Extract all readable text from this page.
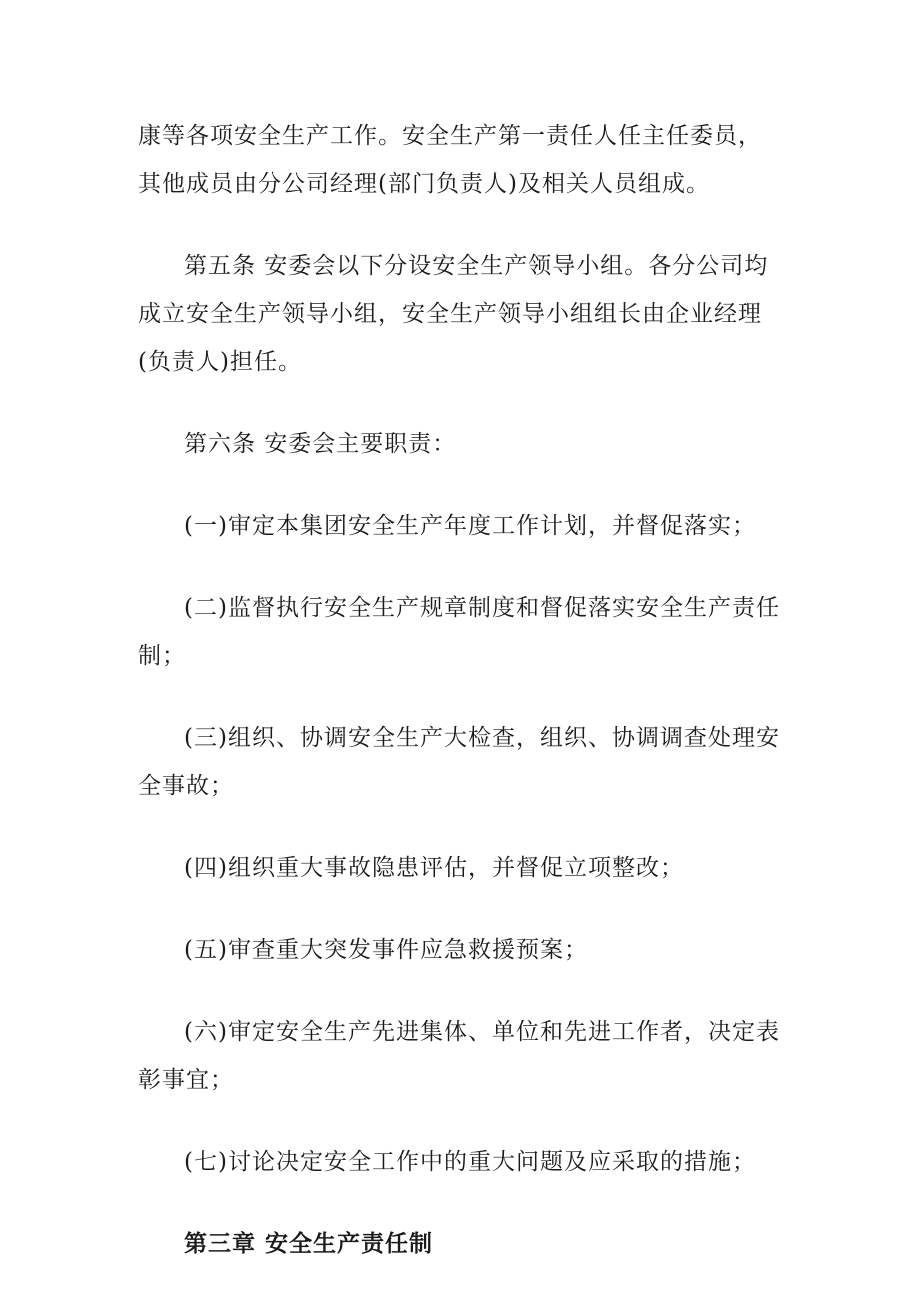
康等各项安全生产工作。安全生产第一责任人任主任委员，其他成员由分公司经理(部门负责人)及相关人员组成。

第五条 安委会以下分设安全生产领导小组。各分公司均成立安全生产领导小组，安全生产领导小组组长由企业经理(负责人)担任。

第六条 安委会主要职责：

(一)审定本集团安全生产年度工作计划，并督促落实；

(二)监督执行安全生产规章制度和督促落实安全生产责任制；

(三)组织、协调安全生产大检查，组织、协调调查处理安全事故；

(四)组织重大事故隐患评估，并督促立项整改；

(五)审查重大突发事件应急救援预案；

(六)审定安全生产先进集体、单位和先进工作者，决定表彰事宜；

(七)讨论决定安全工作中的重大问题及应采取的措施；

第三章 安全生产责任制
